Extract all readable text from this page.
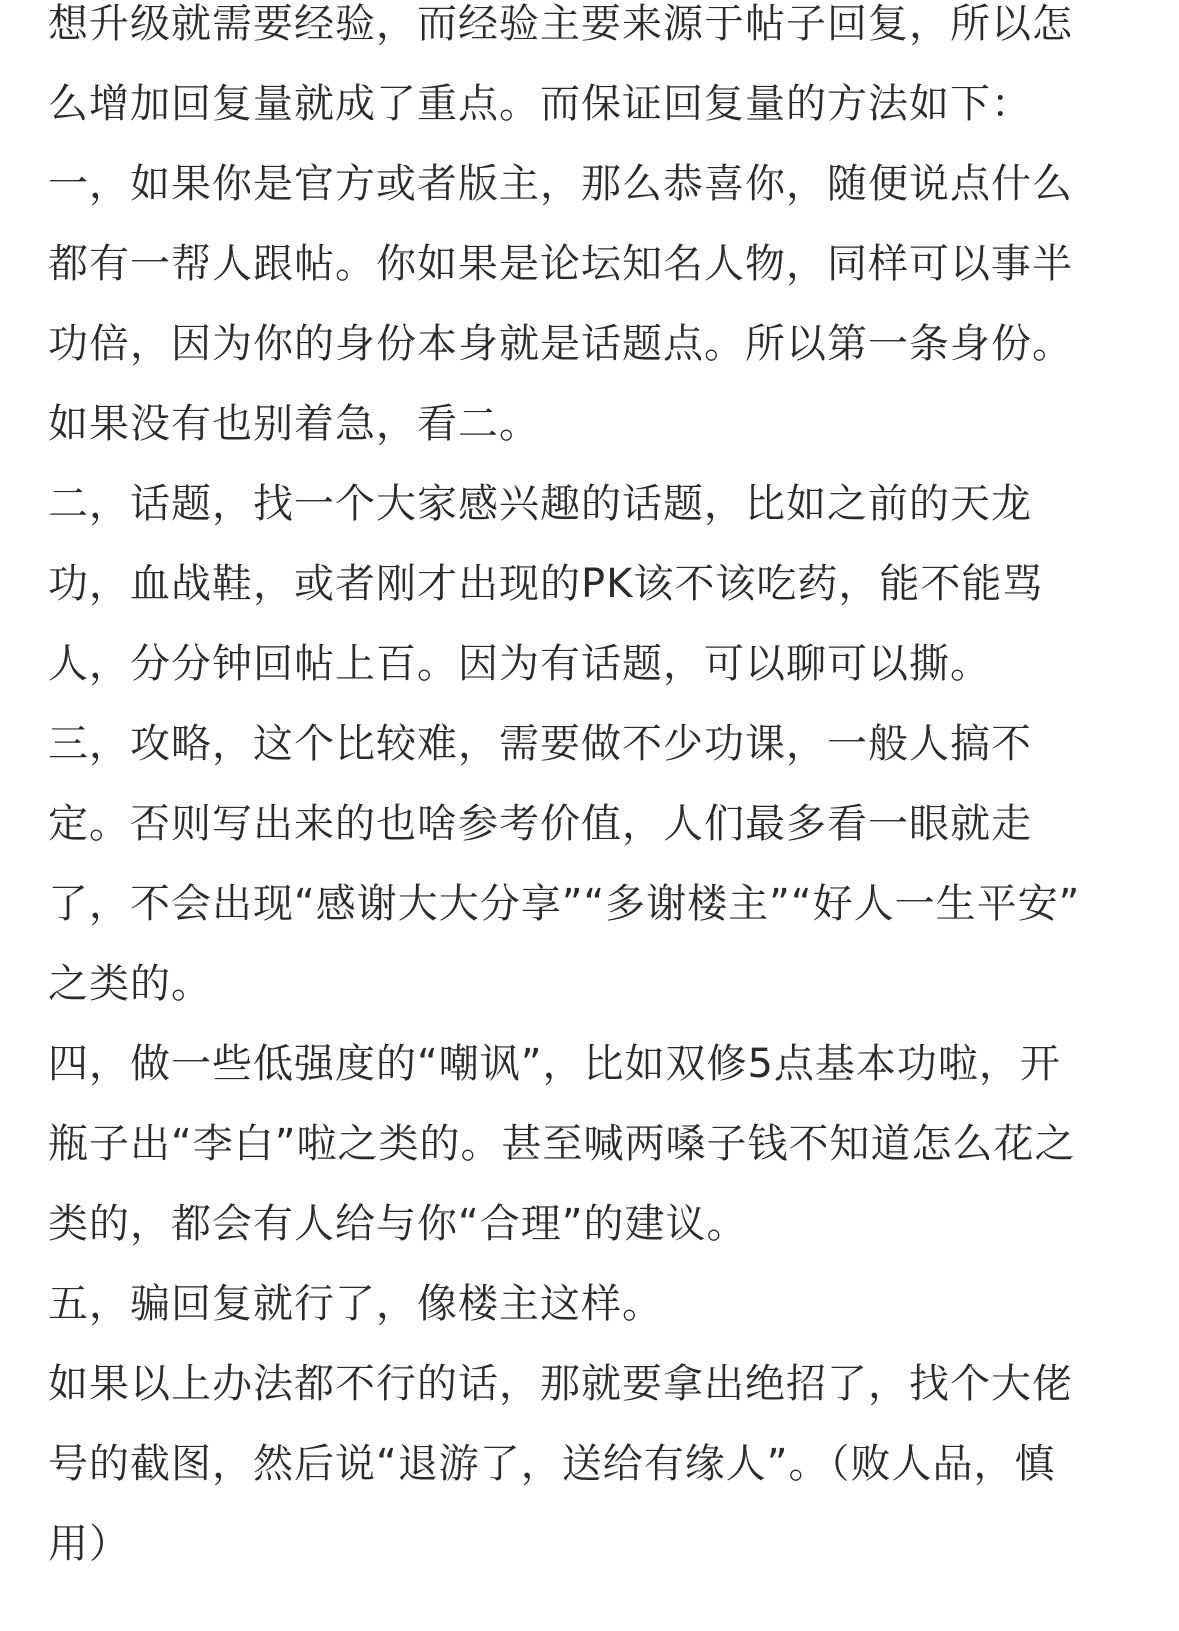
想升级就需要经验，而经验主要来源于帖子回复，所以怎
么增加回复量就成了重点。而保证回复量的方法如下：

一，如果你是官方或者版主，那么恭喜你，随便说点什么
都有一帮人跟帖。你如果是论坛知名人物，同样可以事半
功倍，因为你的身份本身就是话题点。所以第一条身份。
如果没有也别着急，看二。

二，话题，找一个大家感兴趣的话题，比如之前的天龙
功，血战鞋，或者刚才出现的PK该不该吃药，能不能骂
人，分分钟回帖上百。因为有话题，可以聊可以撕。

三，攻略，这个比较难，需要做不少功课，一般人搞不
定。否则写出来的也啥参考价值，人们最多看一眼就走
了，不会出现“感谢大大分享”“多谢楼主”“好人一生平安”
之类的。

四，做一些低强度的“嘲讽”，比如双修5点基本功啦，开
瓶子出“李白”啦之类的。甚至喊两嗓子钱不知道怎么花之
类的，都会有人给与你“合理”的建议。

五，骗回复就行了，像楼主这样。

如果以上办法都不行的话，那就要拿出绝招了，找个大佬
号的截图，然后说“退游了，送给有缘人”。（败人品，慎
用）
